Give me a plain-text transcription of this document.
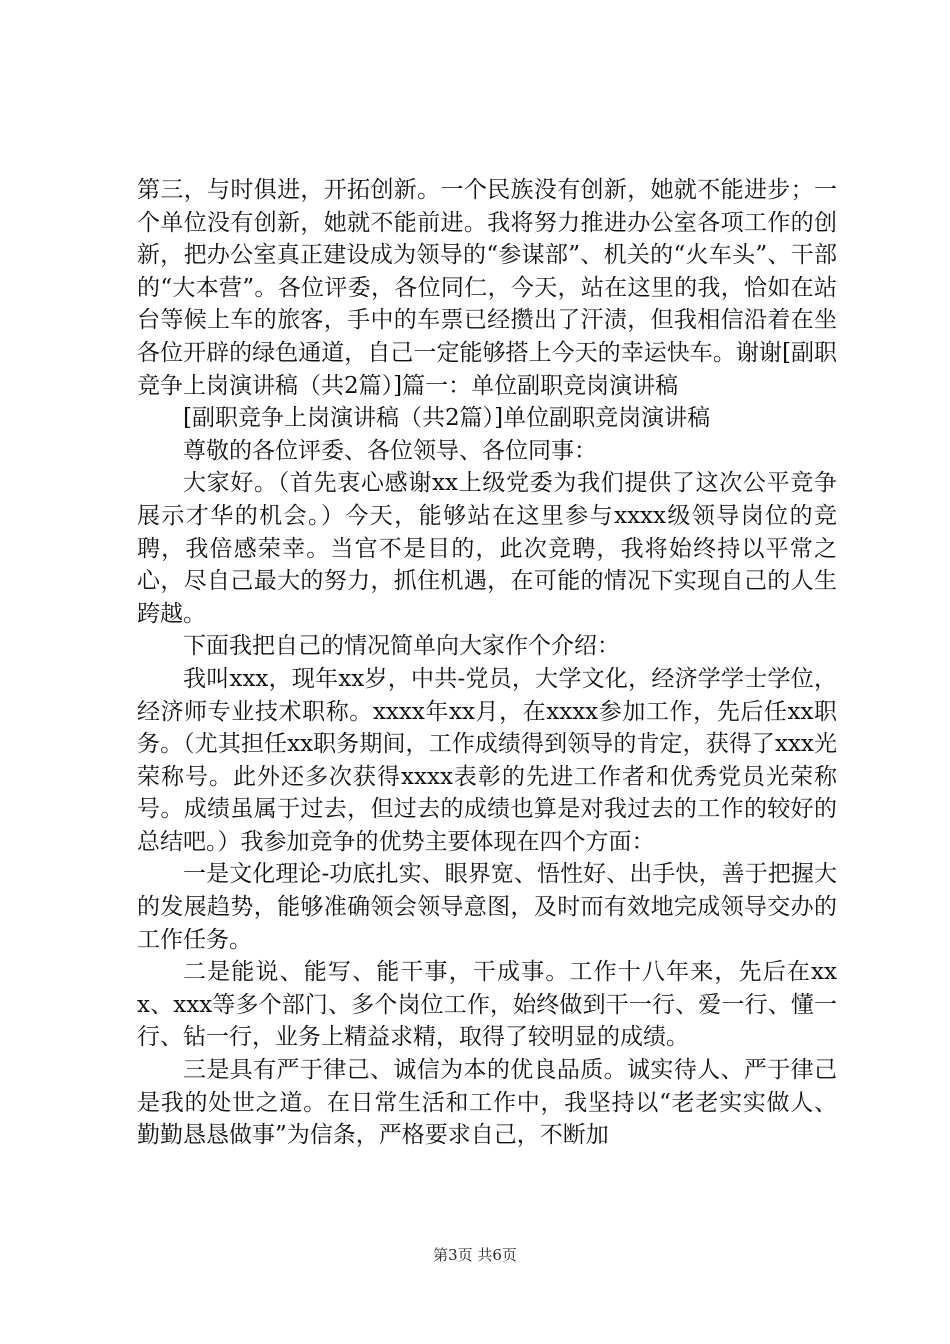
第三，与时俱进，开拓创新。一个民族没有创新，她就不能进步；一个单位没有创新，她就不能前进。我将努力推进办公室各项工作的创新，把办公室真正建设成为领导的“参谋部”、机关的“火车头”、干部的“大本营”。各位评委，各位同仁，今天，站在这里的我，恰如在站台等候上车的旅客，手中的车票已经攒出了汗渍，但我相信沿着在坐各位开辟的绿色通道，自己一定能够搭上今天的幸运快车。谢谢[副职竞争上岗演讲稿（共2篇）]篇一：单位副职竞岗演讲稿

[副职竞争上岗演讲稿（共2篇）]单位副职竞岗演讲稿

尊敬的各位评委、各位领导、各位同事：

大家好。（首先衷心感谢xx上级党委为我们提供了这次公平竞争展示才华的机会。）今天，能够站在这里参与xxxx级领导岗位的竞聘，我倍感荣幸。当官不是目的，此次竞聘，我将始终持以平常之心，尽自己最大的努力，抓住机遇，在可能的情况下实现自己的人生跨越。

下面我把自己的情况简单向大家作个介绍：

我叫xxx，现年xx岁，中共-党员，大学文化，经济学学士学位，经济师专业技术职称。xxxx年xx月，在xxxx参加工作，先后任xx职务。（尤其担任xx职务期间，工作成绩得到领导的肯定，获得了xxx光荣称号。此外还多次获得xxxx表彰的先进工作者和优秀党员光荣称号。成绩虽属于过去，但过去的成绩也算是对我过去的工作的较好的总结吧。）我参加竞争的优势主要体现在四个方面：

一是文化理论-功底扎实、眼界宽、悟性好、出手快，善于把握大的发展趋势，能够准确领会领导意图，及时而有效地完成领导交办的工作任务。

二是能说、能写、能干事，干成事。工作十八年来，先后在xxx、xxx等多个部门、多个岗位工作，始终做到干一行、爱一行、懂一行、钻一行，业务上精益求精，取得了较明显的成绩。

三是具有严于律己、诚信为本的优良品质。诚实待人、严于律己是我的处世之道。在日常生活和工作中，我坚持以“老老实实做人、勤勤恳恳做事”为信条，严格要求自己，不断加

第3页 共6页
